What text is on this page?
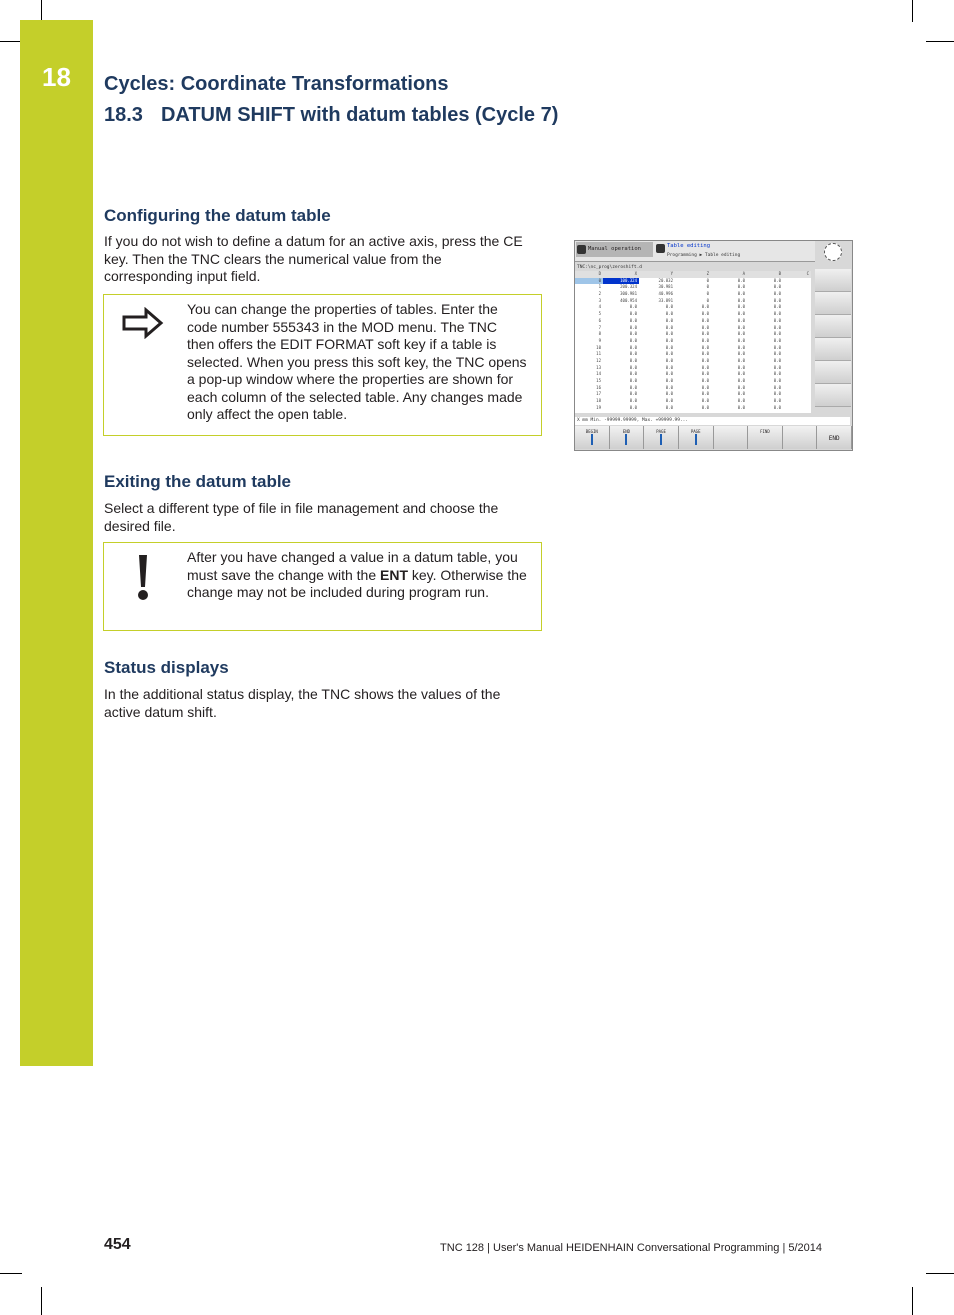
18	Cycles: Coordinate Transformations
18.3 DATUM SHIFT with datum tables (Cycle 7)
Configuring the datum table
If you do not wish to define a datum for an active axis, press the CE key. Then the TNC clears the numerical value from the corresponding input field.
You can change the properties of tables. Enter the code number 555343 in the MOD menu. The TNC then offers the EDIT FORMAT soft key if a table is selected. When you press this soft key, the TNC opens a pop-up window where the properties are shown for each column of the selected table. Any changes made only affect the open table.
Exiting the datum table
Select a different type of file in file management and choose the desired file.
After you have changed a value in a datum table, you must save the change with the ENT key. Otherwise the change may not be included during program run.
Status displays
In the additional status display, the TNC shows the values of the active datum shift.
Manual operation	Table editing
Programming ▶ Table editing
TNC:\nc_prog\zeroshift.d
D	X	Y	Z	A	B	C
0	100.324	20.832	0	0.0	0.0
1	200.324	30.981	0	0.0	0.0
2	300.981	40.996	0	0.0	0.0
3	400.954	33.891	0	0.0	0.0
4	0.0	0.0	0.0	0.0	0.0
5	0.0	0.0	0.0	0.0	0.0
6	0.0	0.0	0.0	0.0	0.0
7	0.0	0.0	0.0	0.0	0.0
8	0.0	0.0	0.0	0.0	0.0
9	0.0	0.0	0.0	0.0	0.0
10	0.0	0.0	0.0	0.0	0.0
11	0.0	0.0	0.0	0.0	0.0
12	0.0	0.0	0.0	0.0	0.0
13	0.0	0.0	0.0	0.0	0.0
14	0.0	0.0	0.0	0.0	0.0
15	0.0	0.0	0.0	0.0	0.0
16	0.0	0.0	0.0	0.0	0.0
17	0.0	0.0	0.0	0.0	0.0
18	0.0	0.0	0.0	0.0	0.0
19	0.0	0.0	0.0	0.0	0.0
X mm Min. -99999.99999, Max. +99999.99...
BEGIN	END	PAGE	PAGE	FIND
END
454	TNC 128 | User's Manual HEIDENHAIN Conversational Programming | 5/2014
